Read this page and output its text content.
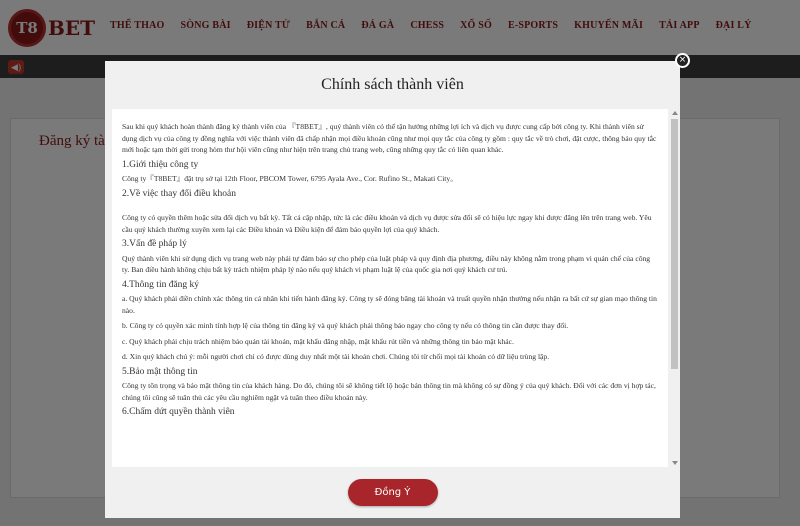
Chính sách thành viên

Sau khi quý khách hoàn thành đăng ký thành viên của 『T8BET』, quý thành viên có thể tận hưởng những lợi ích và dịch vụ được cung cấp bởi công ty. Khi thành viên sử dụng dịch vụ của công ty đồng nghĩa với việc thành viên đã chấp nhận mọi điều khoản cũng như mọi quy tắc của công ty gồm : quy tắc về trò chơi, đặt cược, thông báo quy tắc mới hoặc tạm thời gửi trong hòm thư hội viên cũng như hiện trên trang chủ trang web, cũng những quy tắc có liên quan khác.

1.Giới thiệu công ty

Công ty『T8BET』đặt trụ sở tại 12th Floor, PBCOM Tower, 6795 Ayala Ave., Cor. Rufino St., Makati City。

2.Về việc thay đổi điều khoản

Công ty có quyền thêm hoặc sửa đổi dịch vụ bất kỳ. Tất cả cập nhập, tức là các điều khoản và dịch vụ được sửa đổi sẽ có hiệu lực ngay khi được đăng lên trên trang web. Yêu cầu quý khách thường xuyên xem lại các Điều khoản và Điều kiện để đảm bảo quyền lợi của quý khách.

3.Vấn đề pháp lý

Quý thành viên khi sử dụng dịch vụ trang web này phải tự đảm bảo sự cho phép của luật pháp và quy định địa phương, điều này không nằm trong phạm vi quản chế của công ty. Ban điều hành không chịu bất kỳ trách nhiệm pháp lý nào nếu quý khách vi phạm luật lệ của quốc gia nơi quý khách cư trú.

4.Thông tin đăng ký

a. Quý khách phải điền chính xác thông tin cá nhân khi tiến hành đăng ký. Công ty sẽ đóng băng tài khoản và truất quyền nhận thưởng nếu nhận ra bất cứ sự gian mạo thông tin nào.

b. Công ty có quyền xác minh tính hợp lệ của thông tin đăng ký và quý khách phải thông báo ngay cho công ty nếu có thông tin cần được thay đổi.

c. Quý khách phải chịu trách nhiệm bảo quản tài khoản, mật khẩu đăng nhập, mật khẩu rút tiền và những thông tin bảo mật khác.

d. Xin quý khách chú ý: mỗi người chơi chỉ có được dùng duy nhất một tài khoản chơi. Chúng tôi từ chối mọi tài khoản có dữ liệu trùng lặp.

5.Bảo mật thông tin

Công ty tôn trọng và bảo mật thông tin của khách hàng. Do đó, chúng tôi sẽ không tiết lộ hoặc bán thông tin mà không có sự đồng ý của quý khách. Đối với các đơn vị hợp tác, chúng tôi cũng sẽ tuân thủ các yêu cầu nghiêm ngặt và tuân theo điều khoản này.

6.Chấm dứt quyền thành viên
Đồng Ý
×
